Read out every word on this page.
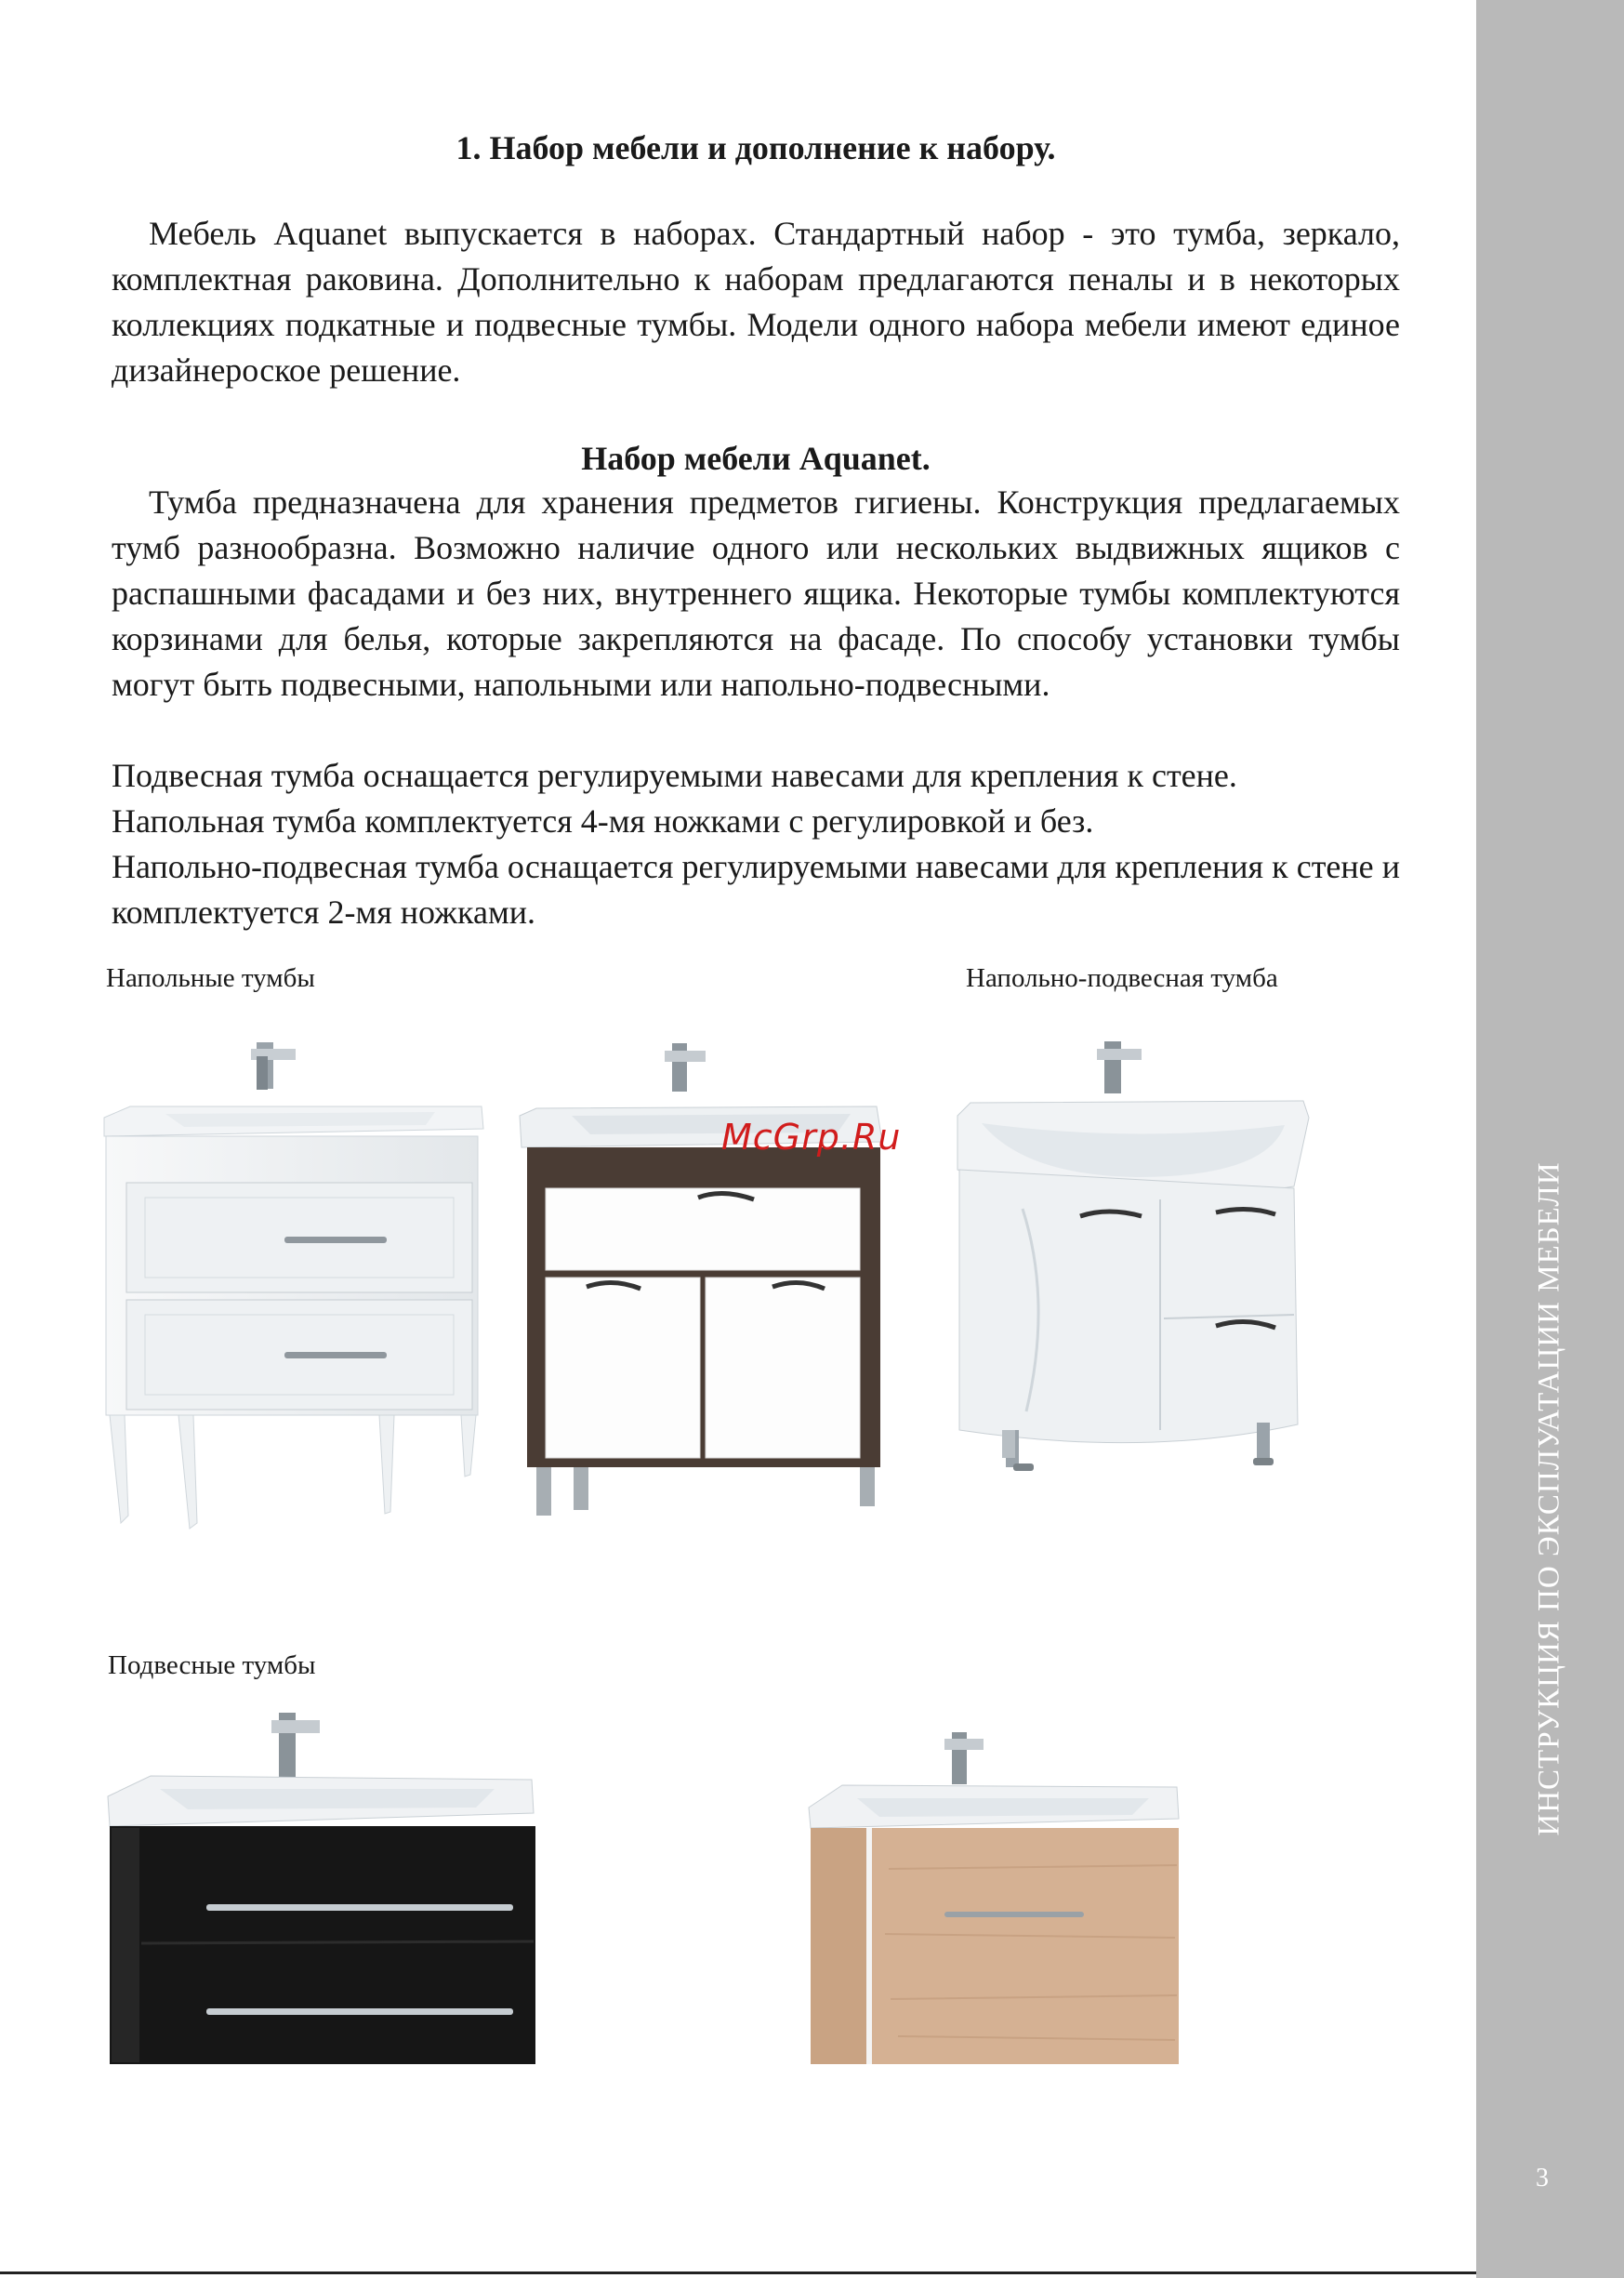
ИНСТРУКЦИЯ ПО ЭКСПЛУАТАЦИИ МЕБЕЛИ
3
1. Набор мебели и дополнение к набору.

Мебель Aquanet выпускается в наборах. Стандартный набор - это тумба, зеркало, комплектная раковина. Дополнительно к наборам предлагаются пеналы и в некоторых коллекциях подкатные и подвесные тумбы. Модели одного набора мебели имеют единое дизайнероское решение.

Набор мебели Aquanet.

Тумба предназначена для хранения предметов гигиены. Конструкция предлагаемых тумб разнообразна. Возможно наличие одного или нескольких выдвижных ящиков с распашными фасадами и без них, внутреннего ящика. Некоторые тумбы комплектуются корзинами для белья, которые закрепляются на фасаде. По способу установки тумбы могут быть подвесными, напольными или напольно-подвесными.

Подвесная тумба оснащается регулируемыми навесами для крепления к стене.

Напольная тумба комплектуется 4-мя ножками с регулировкой и без.

Напольно-подвесная тумба оснащается регулируемыми навесами для крепления к стене и комплектуется 2-мя ножками.

Напольные тумбы	Напольно-подвесная тумба
Подвесные тумбы
McGrp.Ru
